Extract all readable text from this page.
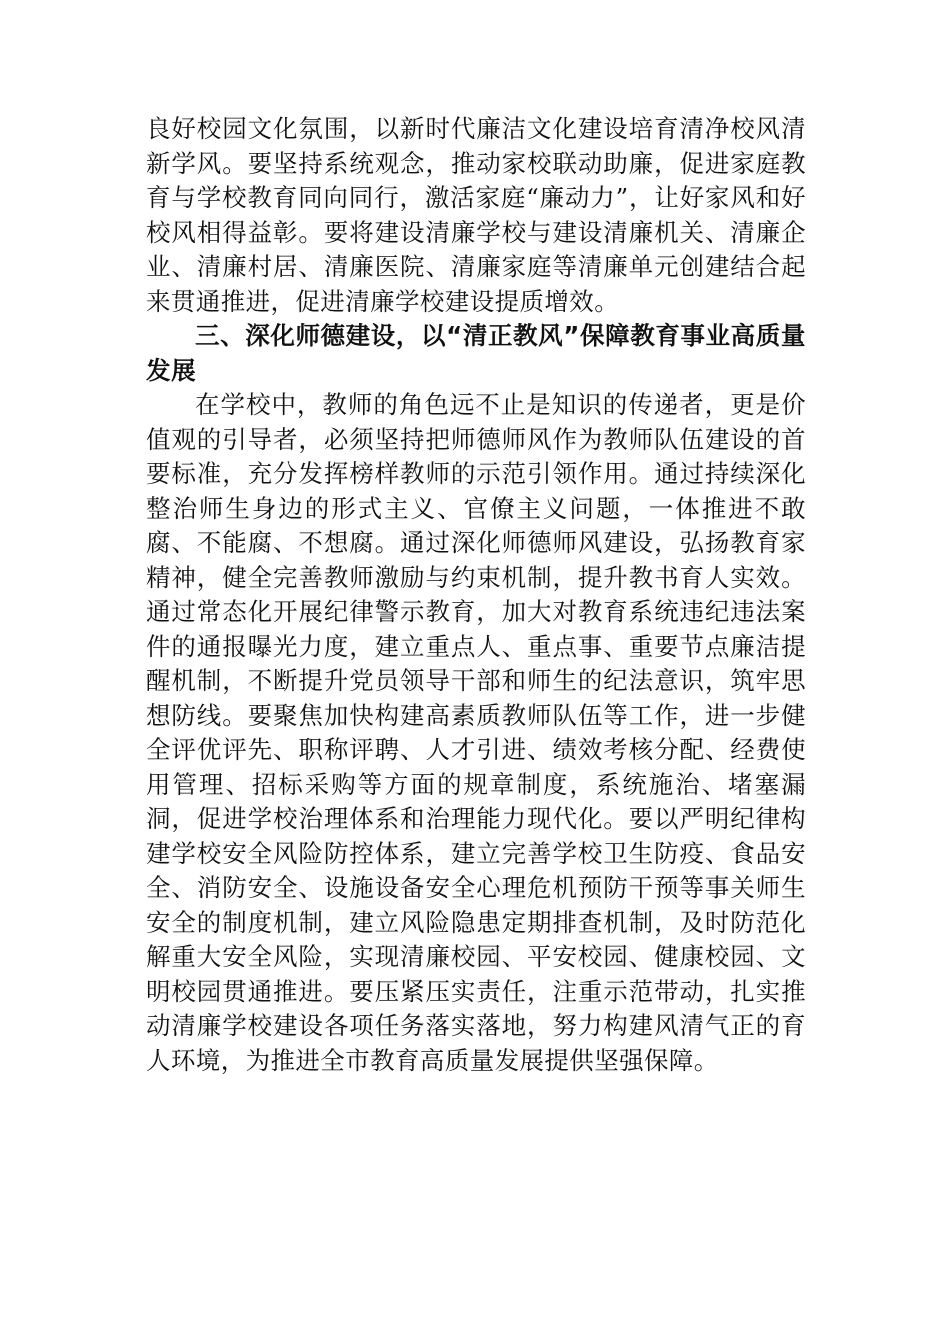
良好校园文化氛围，以新时代廉洁文化建设培育清净校风清新学风。要坚持系统观念，推动家校联动助廉，促进家庭教育与学校教育同向同行，激活家庭“廉动力”，让好家风和好校风相得益彰。要将建设清廉学校与建设清廉机关、清廉企业、清廉村居、清廉医院、清廉家庭等清廉单元创建结合起来贯通推进，促进清廉学校建设提质增效。

三、深化师德建设，以“清正教风”保障教育事业高质量发展

在学校中，教师的角色远不止是知识的传递者，更是价值观的引导者，必须坚持把师德师风作为教师队伍建设的首要标准，充分发挥榜样教师的示范引领作用。通过持续深化整治师生身边的形式主义、官僚主义问题，一体推进不敢腐、不能腐、不想腐。通过深化师德师风建设，弘扬教育家精神，健全完善教师激励与约束机制，提升教书育人实效。通过常态化开展纪律警示教育，加大对教育系统违纪违法案件的通报曝光力度，建立重点人、重点事、重要节点廉洁提醒机制，不断提升党员领导干部和师生的纪法意识，筑牢思想防线。要聚焦加快构建高素质教师队伍等工作，进一步健全评优评先、职称评聘、人才引进、绩效考核分配、经费使用管理、招标采购等方面的规章制度，系统施治、堵塞漏洞，促进学校治理体系和治理能力现代化。要以严明纪律构建学校安全风险防控体系，建立完善学校卫生防疫、食品安全、消防安全、设施设备安全心理危机预防干预等事关师生安全的制度机制，建立风险隐患定期排查机制，及时防范化解重大安全风险，实现清廉校园、平安校园、健康校园、文明校园贯通推进。要压紧压实责任，注重示范带动，扎实推动清廉学校建设各项任务落实落地，努力构建风清气正的育人环境，为推进全市教育高质量发展提供坚强保障。
